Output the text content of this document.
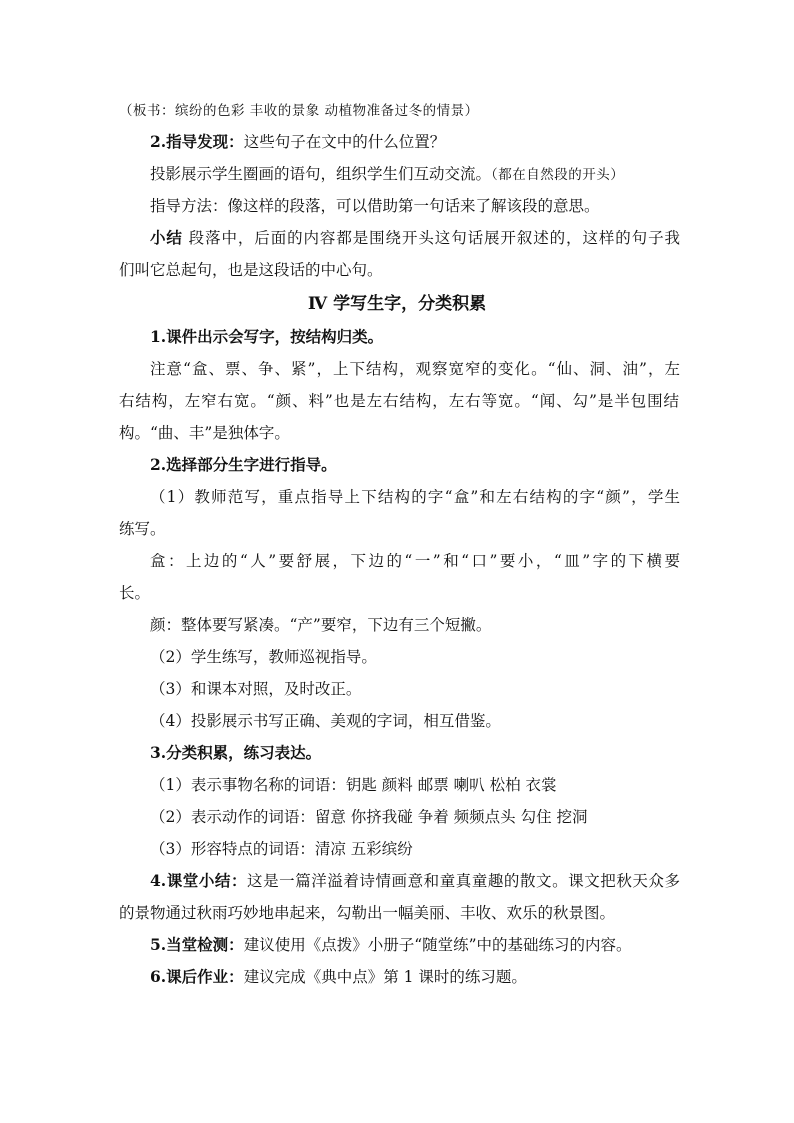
（板书：缤纷的色彩 丰收的景象 动植物准备过冬的情景）
2.指导发现：这些句子在文中的什么位置？
投影展示学生圈画的语句，组织学生们互动交流。（都在自然段的开头）
指导方法：像这样的段落，可以借助第一句话来了解该段的意思。
小结 段落中，后面的内容都是围绕开头这句话展开叙述的，这样的句子我
们叫它总起句，也是这段话的中心句。
Ⅳ 学写生字，分类积累
1.课件出示会写字，按结构归类。
注意“盒、票、争、紧”，上下结构，观察宽窄的变化。“仙、洞、油”，左
右结构，左窄右宽。“颜、料”也是左右结构，左右等宽。“闻、勾”是半包围结
构。“曲、丰”是独体字。
2.选择部分生字进行指导。
（1）教师范写，重点指导上下结构的字“盒”和左右结构的字“颜”，学生
练写。
盒：上边的“人”要舒展，下边的“一”和“口”要小，“皿”字的下横要
长。
颜：整体要写紧凑。“产”要窄，下边有三个短撇。
（2）学生练写，教师巡视指导。
（3）和课本对照，及时改正。
（4）投影展示书写正确、美观的字词，相互借鉴。
3.分类积累，练习表达。
（1）表示事物名称的词语：钥匙 颜料 邮票 喇叭 松柏 衣裳
（2）表示动作的词语：留意 你挤我碰 争着 频频点头 勾住 挖洞
（3）形容特点的词语：清凉 五彩缤纷
4.课堂小结：这是一篇洋溢着诗情画意和童真童趣的散文。课文把秋天众多
的景物通过秋雨巧妙地串起来，勾勒出一幅美丽、丰收、欢乐的秋景图。
5.当堂检测：建议使用《点拨》小册子“随堂练”中的基础练习的内容。
6.课后作业：建议完成《典中点》第 1 课时的练习题。
